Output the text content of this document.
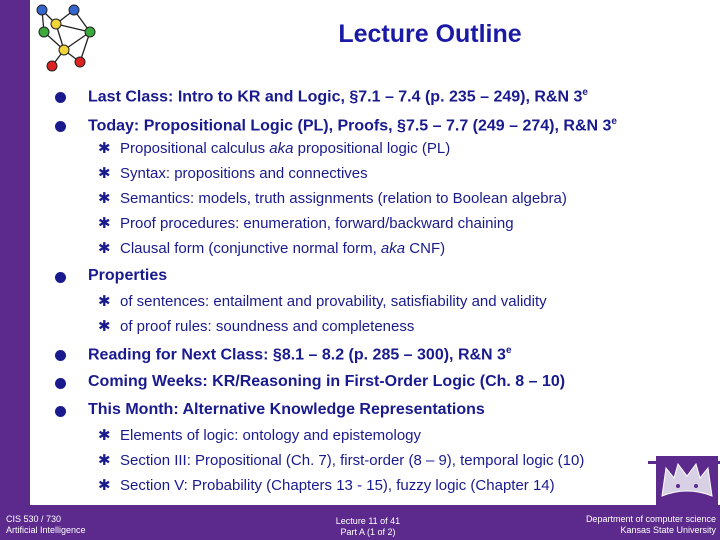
Lecture Outline
Last Class: Intro to KR and Logic, §7.1 – 7.4 (p. 235 – 249), R&N 3e
Today: Propositional Logic (PL), Proofs, §7.5 – 7.7 (249 – 274), R&N 3e
✱ Propositional calculus aka propositional logic (PL)
✱ Syntax: propositions and connectives
✱ Semantics: models, truth assignments (relation to Boolean algebra)
✱ Proof procedures: enumeration, forward/backward chaining
✱ Clausal form (conjunctive normal form, aka CNF)
Properties
✱ of sentences: entailment and provability, satisfiability and validity
✱ of proof rules: soundness and completeness
Reading for Next Class: §8.1 – 8.2 (p. 285 – 300), R&N 3e
Coming Weeks: KR/Reasoning in First-Order Logic (Ch. 8 – 10)
This Month: Alternative Knowledge Representations
✱ Elements of logic: ontology and epistemology
✱ Section III: Propositional (Ch. 7), first-order (8 – 9), temporal logic (10)
✱ Section V: Probability (Chapters 13 - 15), fuzzy logic (Chapter 14)
CIS 530 / 730
Artificial Intelligence
Lecture 11 of 41
Part A (1 of 2)
Department of computer science
Kansas State University
